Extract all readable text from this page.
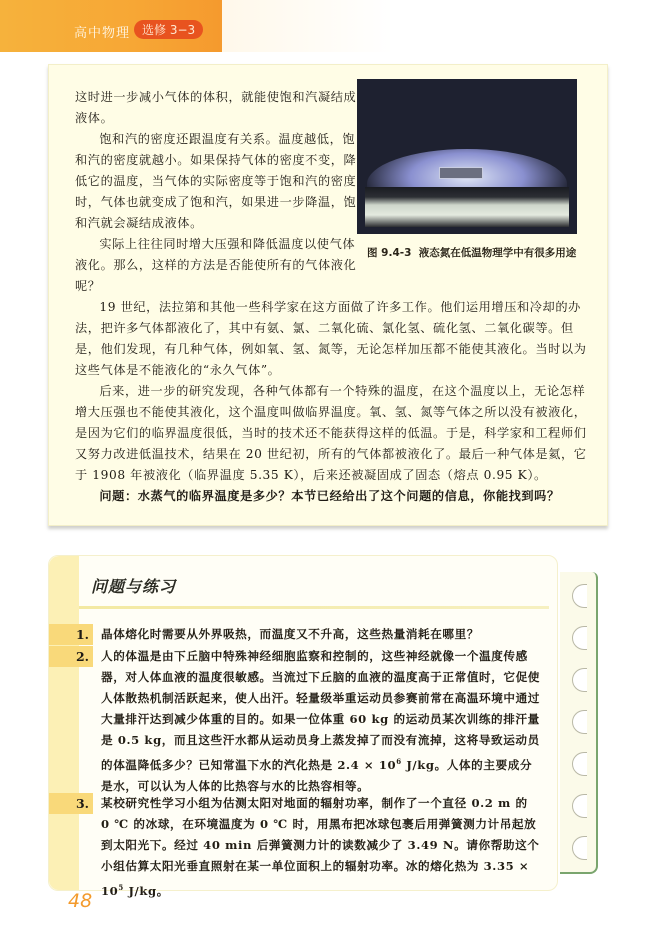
高中物理 选修 3−3

这时进一步减小气体的体积，就能使饱和汽凝结成液体。

饱和汽的密度还跟温度有关系。温度越低，饱和汽的密度就越小。如果保持气体的密度不变，降低它的温度，当气体的实际密度等于饱和汽的密度时，气体也就变成了饱和汽，如果进一步降温，饱和汽就会凝结成液体。

实际上往往同时增大压强和降低温度以使气体液化。那么，这样的方法是否能使所有的气体液化呢？

图 9.4-3 液态氮在低温物理学中有很多用途

19 世纪，法拉第和其他一些科学家在这方面做了许多工作。他们运用增压和冷却的办法，把许多气体都液化了，其中有氨、氯、二氧化硫、氯化氢、硫化氢、二氧化碳等。但是，他们发现，有几种气体，例如氧、氢、氮等，无论怎样加压都不能使其液化。当时以为这些气体是不能液化的“永久气体”。

后来，进一步的研究发现，各种气体都有一个特殊的温度，在这个温度以上，无论怎样增大压强也不能使其液化，这个温度叫做临界温度。氧、氢、氮等气体之所以没有被液化，是因为它们的临界温度很低，当时的技术还不能获得这样的低温。于是，科学家和工程师们又努力改进低温技术，结果在 20 世纪初，所有的气体都被液化了。最后一种气体是氦，它于 1908 年被液化（临界温度 5.35 K），后来还被凝固成了固态（熔点 0.95 K）。

问题：水蒸气的临界温度是多少？本节已经给出了这个问题的信息，你能找到吗？

问题与练习
1.	晶体熔化时需要从外界吸热，而温度又不升高，这些热量消耗在哪里？
2.	人的体温是由下丘脑中特殊神经细胞监察和控制的，这些神经就像一个温度传感器，对人体血液的温度很敏感。当流过下丘脑的血液的温度高于正常值时，它促使人体散热机制活跃起来，使人出汗。轻量级举重运动员参赛前常在高温环境中通过大量排汗达到减少体重的目的。如果一位体重 60 kg 的运动员某次训练的排汗量是 0.5 kg，而且这些汗水都从运动员身上蒸发掉了而没有流掉，这将导致运动员的体温降低多少？已知常温下水的汽化热是 $2.4 \times 10^6$ J/kg。人体的主要成分是水，可以认为人体的比热容与水的比热容相等。
3.	某校研究性学习小组为估测太阳对地面的辐射功率，制作了一个直径 0.2 m 的 0 ℃ 的冰球，在环境温度为 0 ℃ 时，用黑布把冰球包裹后用弹簧测力计吊起放到太阳光下。经过 40 min 后弹簧测力计的读数减少了 3.49 N。请你帮助这个小组估算太阳光垂直照射在某一单位面积上的辐射功率。冰的熔化热为 $3.35 \times 10^5$ J/kg。
48
